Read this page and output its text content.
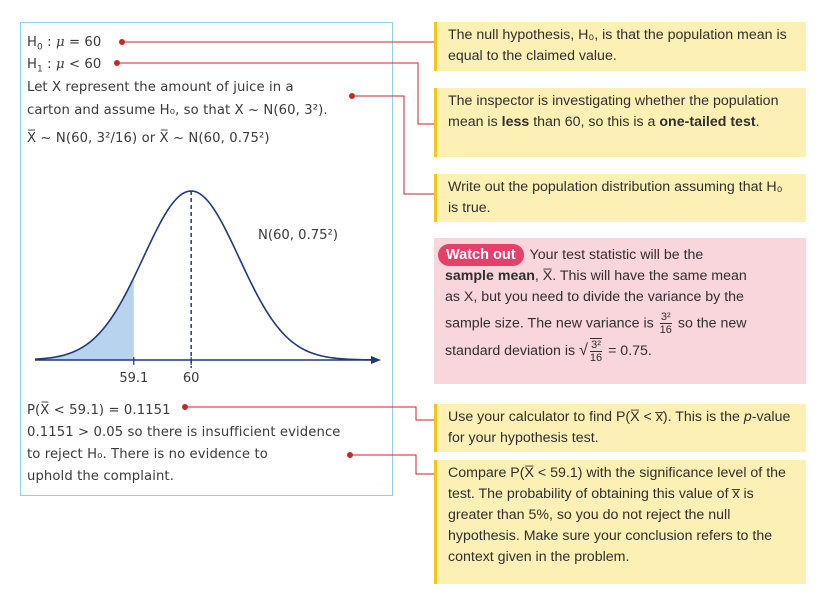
$H_0$ : μ = 60
$H_1$ : μ < 60
Let X represent the amount of juice in a
carton and assume H₀, so that X ~ N(60, 3²).
X̅ ~ N(60, 3²/16) or X̅ ~ N(60, 0.75²)
59.1	60
N(60, 0.75²)
P(X̅ < 59.1) = 0.1151
0.1151 > 0.05 so there is insufficient evidence
to reject H₀. There is no evidence to
uphold the complaint.
The null hypothesis, H₀, is that the population mean is equal to the claimed value.
The inspector is investigating whether the population mean is less than 60, so this is a one-tailed test.
Write out the population distribution assuming that H₀ is true.
Watch out Your test statistic will be the
sample mean, X̅. This will have the same mean
as X, but you need to divide the variance by the
sample size. The new variance is $\frac{\text{3²}}{16}$ so the new
standard deviation is √ $\frac{\text{3²}}{16} = 0.75$.
Use your calculator to find P(X̅ < x̅). This is the p-value for your hypothesis test.
Compare P(X̅ < 59.1) with the significance level of the test. The probability of obtaining this value of x̅ is greater than 5%, so you do not reject the null hypothesis. Make sure your conclusion refers to the context given in the problem.
